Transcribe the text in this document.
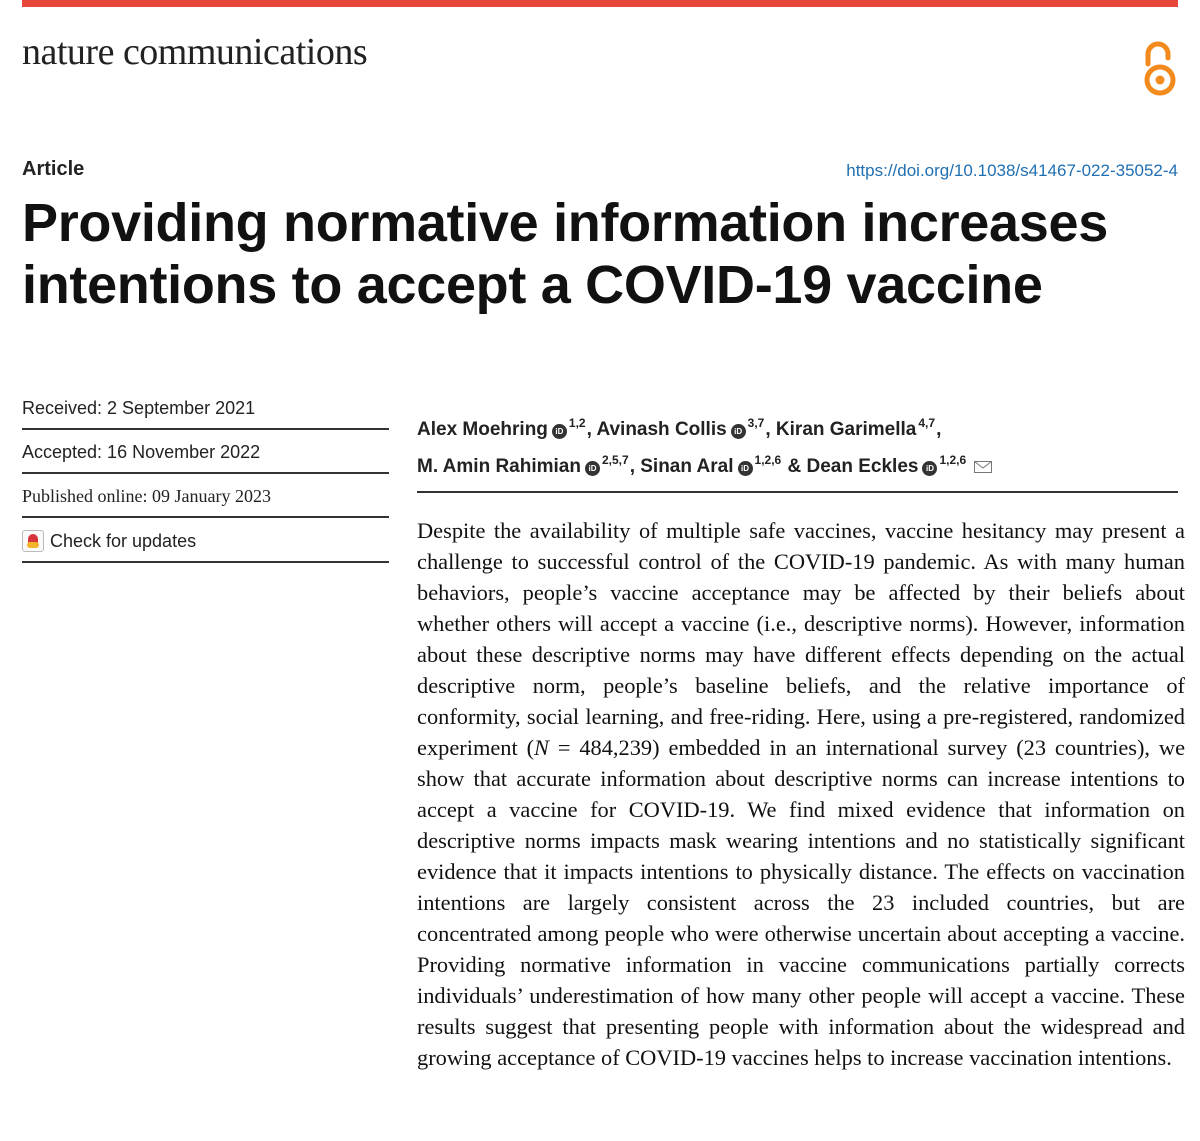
nature communications
Article	https://doi.org/10.1038/s41467-022-35052-4
Providing normative information increases intentions to accept a COVID-19 vaccine
Received: 2 September 2021
Accepted: 16 November 2022
Published online: 09 January 2023
Check for updates
Alex Moehring iD$^{1,2}$, Avinash Collis iD$^{3,7}$, Kiran Garimella $^{4,7}$,
M. Amin Rahimian iD$^{2,5,7}$, Sinan Aral iD$^{1,2,6}$ & Dean Eckles iD$^{1,2,6}$

Despite the availability of multiple safe vaccines, vaccine hesitancy may present a challenge to successful control of the COVID-19 pandemic. As with many human behaviors, people’s vaccine acceptance may be affected by their beliefs about whether others will accept a vaccine (i.e., descriptive norms). However, information about these descriptive norms may have different effects depending on the actual descriptive norm, people’s baseline beliefs, and the relative importance of conformity, social learning, and free-riding. Here, using a pre-registered, randomized experiment (N = 484,239) embedded in an international survey (23 countries), we show that accurate information about descriptive norms can increase intentions to accept a vaccine for COVID-19. We find mixed evidence that information on descriptive norms impacts mask wearing intentions and no statistically significant evidence that it impacts intentions to physically distance. The effects on vaccination intentions are largely consistent across the 23 included countries, but are concentrated among people who were otherwise uncertain about accepting a vaccine. Providing normative information in vaccine communications partially corrects individuals’ underestimation of how many other people will accept a vaccine. These results suggest that presenting people with information about the widespread and growing acceptance of COVID-19 vaccines helps to increase vaccination intentions.
